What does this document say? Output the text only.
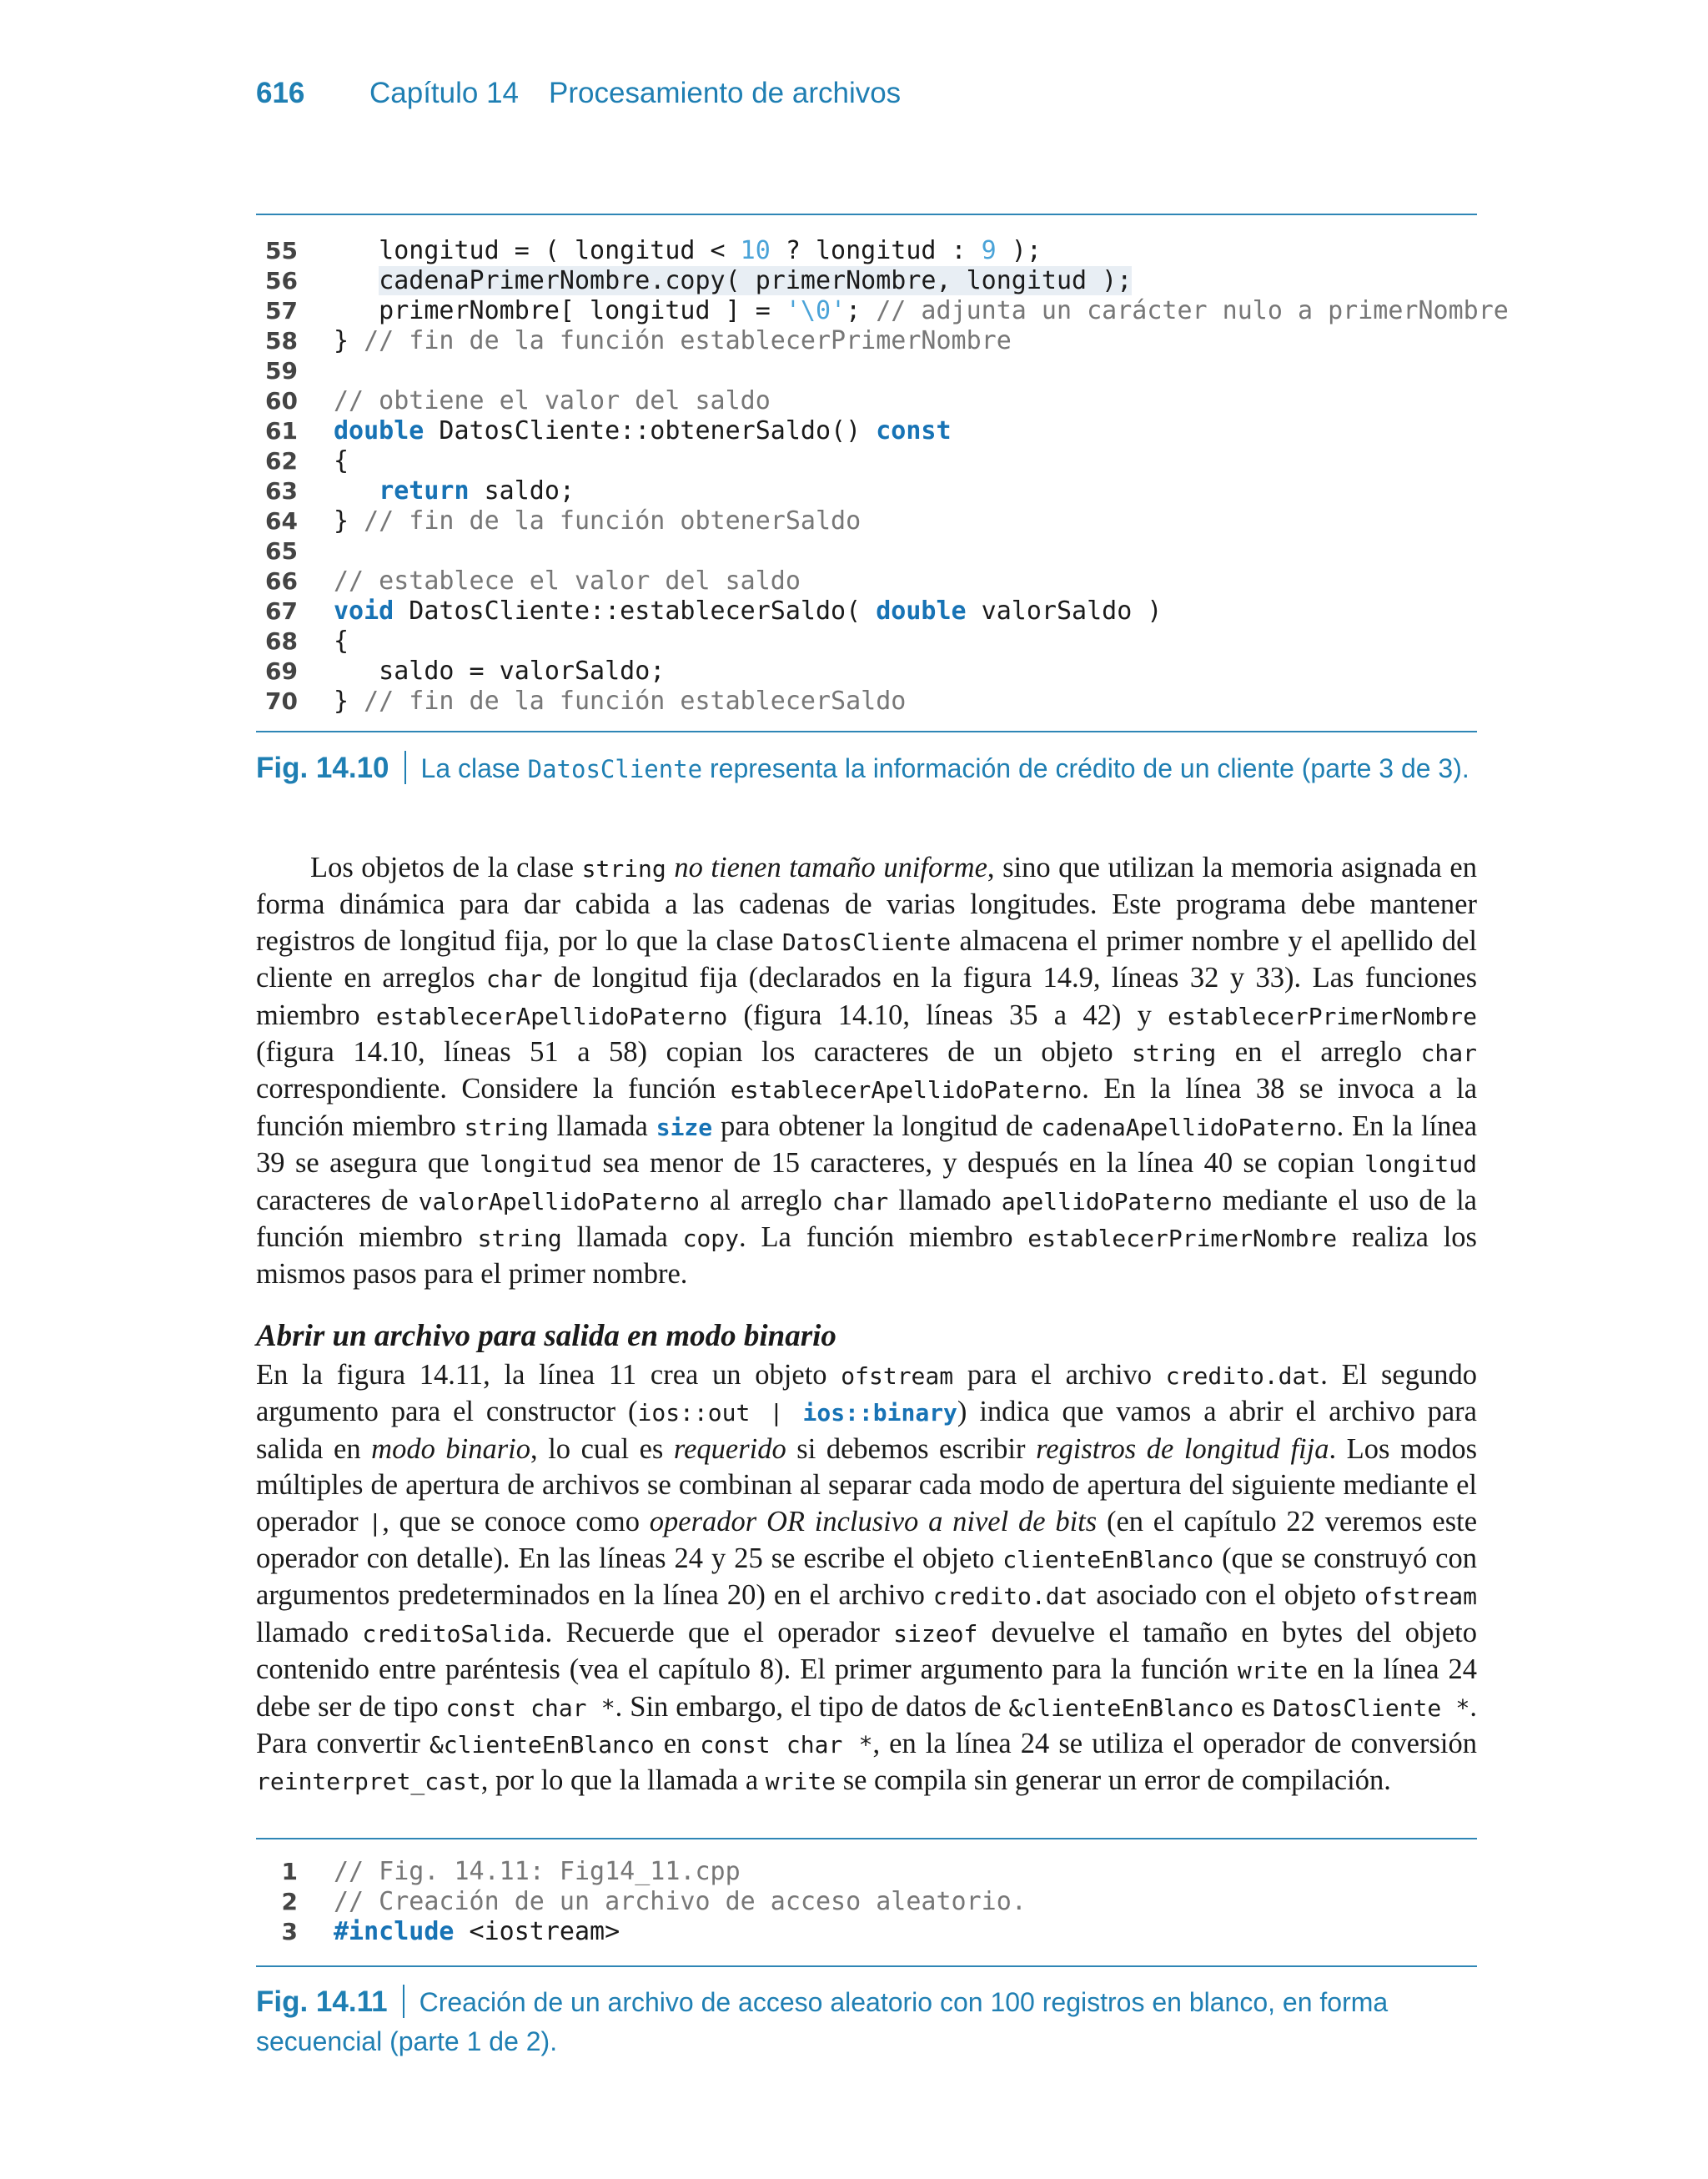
616 Capítulo 14 Procesamiento de archivos
55 longitud = ( longitud < 10 ? longitud : 9 );
56	cadenaPrimerNombre.copy( primerNombre, longitud );
57 primerNombre[ longitud ] = '\0'; // adjunta un carácter nulo a primerNombre
58 } // fin de la función establecerPrimerNombre
59
60 // obtiene el valor del saldo
61 double DatosCliente::obtenerSaldo() const
62 {
63	return saldo;
64 } // fin de la función obtenerSaldo
65
66 // establece el valor del saldo
67 void DatosCliente::establecerSaldo( double valorSaldo )
68 {
69 saldo = valorSaldo;
70 } // fin de la función establecerSaldo
Fig. 14.10 La clase DatosCliente representa la información de crédito de un cliente (parte 3 de 3).

Los objetos de la clase string no tienen tamaño uniforme, sino que utilizan la memoria asignada en forma dinámica para dar cabida a las cadenas de varias longitudes. Este programa debe mantener registros de longitud fija, por lo que la clase DatosCliente almacena el primer nombre y el apellido del cliente en arreglos char de longitud fija (declarados en la figura 14.9, líneas 32 y 33). Las funciones miembro establecerApellidoPaterno (figura 14.10, líneas 35 a 42) y establecerPrimerNombre (figura 14.10, líneas 51 a 58) copian los caracteres de un objeto string en el arreglo char correspondiente. Considere la función establecerApellidoPaterno. En la línea 38 se invoca a la función miembro string llamada size para obtener la longitud de cadenaApellidoPaterno. En la línea 39 se asegura que longitud sea menor de 15 caracteres, y después en la línea 40 se copian longitud caracteres de valorApellidoPaterno al arreglo char llamado apellidoPaterno mediante el uso de la función miembro string llamada copy. La función miembro establecerPrimerNombre realiza los mismos pasos para el primer nombre.

Abrir un archivo para salida en modo binario

En la figura 14.11, la línea 11 crea un objeto ofstream para el archivo credito.dat. El segundo argumento para el constructor (ios::out | ios::binary) indica que vamos a abrir el archivo para salida en modo binario, lo cual es requerido si debemos escribir registros de longitud fija. Los modos múltiples de apertura de archivos se combinan al separar cada modo de apertura del siguiente mediante el operador |, que se conoce como operador OR inclusivo a nivel de bits (en el capítulo 22 veremos este operador con detalle). En las líneas 24 y 25 se escribe el objeto clienteEnBlanco (que se construyó con argumentos predeterminados en la línea 20) en el archivo credito.dat asociado con el objeto ofstream llamado creditoSalida. Recuerde que el operador sizeof devuelve el tamaño en bytes del objeto contenido entre paréntesis (vea el capítulo 8). El primer argumento para la función write en la línea 24 debe ser de tipo const char *. Sin embargo, el tipo de datos de &clienteEnBlanco es DatosCliente *. Para convertir &clienteEnBlanco en const char *, en la línea 24 se utiliza el operador de conversión reinterpret_cast, por lo que la llamada a write se compila sin generar un error de compilación.

1 // Fig. 14.11: Fig14_11.cpp
2 // Creación de un archivo de acceso aleatorio.
3 #include <iostream>
Fig. 14.11 Creación de un archivo de acceso aleatorio con 100 registros en blanco, en forma secuencial (parte 1 de 2).
